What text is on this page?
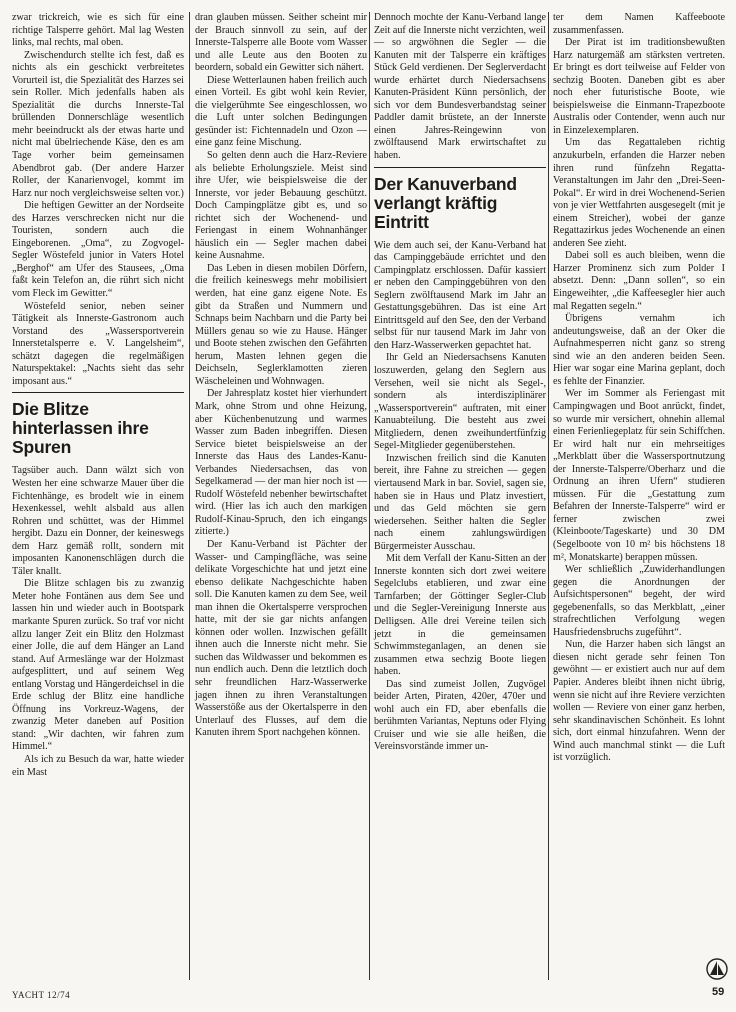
zwar trickreich, wie es sich für eine richtige Talsperre gehört. Mal lag Westen links, mal rechts, mal oben.

Zwischendurch stellte ich fest, daß es nichts als ein geschickt verbreitetes Vorurteil ist, die Spezialität des Harzes sei sein Roller. Mich jedenfalls haben als Spezialität die durchs Innerste-Tal brüllenden Donnerschläge wesentlich mehr beeindruckt als der etwas harte und nicht mal übelriechende Käse, den es am Tage vorher beim gemeinsamen Abendbrot gab. (Der andere Harzer Roller, der Kanarienvogel, kommt im Harz nur noch vergleichsweise selten vor.)

Die heftigen Gewitter an der Nordseite des Harzes verschrecken nicht nur die Touristen, sondern auch die Eingeborenen. „Oma“, zu Zogvogel-Segler Wöstefeld junior in Vaters Hotel „Berghof“ am Ufer des Stausees, „Oma faßt kein Telefon an, die rührt sich nicht vom Fleck im Gewitter.“

Wöstefeld senior, neben seiner Tätigkeit als Innerste-Gastronom auch Vorstand des „Wassersportverein Innerstetalsperre e. V. Langelsheim“, schätzt dagegen die regelmäßigen Naturspektakel: „Nachts sieht das sehr imposant aus.“

Die Blitze hinterlassen ihre Spuren

Tagsüber auch. Dann wälzt sich von Westen her eine schwarze Mauer über die Fichtenhänge, es brodelt wie in einem Hexenkessel, wehlt alsbald aus allen Rohren und schüttet, was der Himmel hergibt. Dazu ein Donner, der keineswegs dem Harz gemäß rollt, sondern mit imposanten Kanonenschlägen durch die Täler knallt.

Die Blitze schlagen bis zu zwanzig Meter hohe Fontänen aus dem See und lassen hin und wieder auch in Bootspark markante Spuren zurück. So traf vor nicht allzu langer Zeit ein Blitz den Holzmast einer Jolle, die auf dem Hänger an Land stand. Auf Armeslänge war der Holzmast aufgesplittert, und auf seinem Weg entlang Vorstag und Hängerdeichsel in die Erde schlug der Blitz eine handliche Öffnung ins Vorkreuz-Wagens, der zwanzig Meter daneben auf Position stand: „Wir dachten, wir fahren zum Himmel.“

Als ich zu Besuch da war, hatte wieder ein Mast

dran glauben müssen. Seither scheint mir der Brauch sinnvoll zu sein, auf der Innerste-Talsperre alle Boote vom Wasser und alle Leute aus den Booten zu beordern, sobald ein Gewitter sich nähert.

Diese Wetterlaunen haben freilich auch einen Vorteil. Es gibt wohl kein Revier, die vielgerühmte See eingeschlossen, wo die Luft unter solchen Bedingungen gesünder ist: Fichtennadeln und Ozon — eine ganz feine Mischung.

So gelten denn auch die Harz-Reviere als beliebte Erholungsziele. Meist sind ihre Ufer, wie beispielsweise die der Innerste, vor jeder Bebauung geschützt. Doch Campingplätze gibt es, und so richtet sich der Wochenend- und Feriengast in einem Wohnanhänger häuslich ein — Segler machen dabei keine Ausnahme.

Das Leben in diesen mobilen Dörfern, die freilich keineswegs mehr mobilisiert werden, hat eine ganz eigene Note. Es gibt da Straßen und Nummern und Schnaps beim Nachbarn und die Party bei Müllers genau so wie zu Hause. Hänger und Boote stehen zwischen den Gefährten herum, Masten lehnen gegen die Deichseln, Seglerklamotten zieren Wäscheleinen und Wohnwagen.

Der Jahresplatz kostet hier vierhundert Mark, ohne Strom und ohne Heizung, aber Küchenbenutzung und warmes Wasser zum Baden inbegriffen. Diesen Service bietet beispielsweise an der Innerste das Haus des Landes-Kanu-Verbandes Niedersachsen, das von Segelkamerad — der man hier noch ist — Rudolf Wöstefeld nebenher bewirtschaftet wird. (Hier las ich auch den markigen Rudolf-Kinau-Spruch, den ich eingangs zitierte.)

Der Kanu-Verband ist Pächter der Wasser- und Campingfläche, was seine delikate Vorgeschichte hat und jetzt eine ebenso delikate Nachgeschichte haben soll. Die Kanuten kamen zu dem See, weil man ihnen die Okertalsperre versprochen hatte, mit der sie gar nichts anfangen können oder wollen. Inzwischen gefällt ihnen auch die Innerste nicht mehr. Sie suchen das Wildwasser und bekommen es nun endlich auch. Denn die letztlich doch sehr freundlichen Harz-Wasserwerke jagen ihnen zu ihren Veranstaltungen Wasserstöße aus der Okertalsperre in den Unterlauf des Flusses, auf dem die Kanuten ihrem Sport nachgehen können.

Dennoch mochte der Kanu-Verband lange Zeit auf die Innerste nicht verzichten, weil — so argwöhnen die Segler — die Kanuten mit der Talsperre ein kräftiges Stück Geld verdienen. Der Seglerverdacht wurde erhärtet durch Niedersachsens Kanuten-Präsident Künn persönlich, der sich vor dem Bundesverbandstag seiner Paddler damit brüstete, an der Innerste einen Jahres-Reingewinn von zwölftausend Mark erwirtschaftet zu haben.

Der Kanuverband verlangt kräftig Eintritt

Wie dem auch sei, der Kanu-Verband hat das Campinggebäude errichtet und den Campingplatz erschlossen. Dafür kassiert er neben den Campinggebühren von den Seglern zwölftausend Mark im Jahr an Gestattungsgebühren. Das ist eine Art Eintrittsgeld auf den See, den der Verband selbst für nur tausend Mark im Jahr von den Harz-Wasserwerken gepachtet hat.

Ihr Geld an Niedersachsens Kanuten loszuwerden, gelang den Seglern aus Versehen, weil sie nicht als Segel-, sondern als interdisziplinärer „Wassersportverein“ auftraten, mit einer Kanuabteilung. Die besteht aus zwei Mitgliedern, denen zweihundertfünfzig Segel-Mitglieder gegenüberstehen.

Inzwischen freilich sind die Kanuten bereit, ihre Fahne zu streichen — gegen viertausend Mark in bar. Soviel, sagen sie, haben sie in Haus und Platz investiert, und das Geld möchten sie gern wiedersehen. Seither halten die Segler nach einem zahlungswürdigen Bürgermeister Ausschau.

Mit dem Verfall der Kanu-Sitten an der Innerste konnten sich dort zwei weitere Segelclubs etablieren, und zwar eine Tarnfarben; der Göttinger Segler-Club und die Segler-Vereinigung Innerste aus Delligsen. Alle drei Vereine teilen sich jetzt in die gemeinsamen Schwimmsteganlagen, an denen sie zusammen etwa sechzig Boote liegen haben.

Das sind zumeist Jollen, Zugvögel beider Arten, Piraten, 420er, 470er und wohl auch ein FD, aber ebenfalls die berühmten Variantas, Neptuns oder Flying Cruiser und wie sie alle heißen, die Vereinsvorstände immer un-

ter dem Namen Kaffeeboote zusammenfassen.

Der Pirat ist im traditionsbewußten Harz naturgemäß am stärksten vertreten. Er bringt es dort teilweise auf Felder von sechzig Booten. Daneben gibt es aber noch eher futuristische Boote, wie beispielsweise die Einmann-Trapezboote Australis oder Contender, wenn auch nur in Einzelexemplaren.

Um das Regattaleben richtig anzukurbeln, erfanden die Harzer neben ihren rund fünfzehn Regatta-Veranstaltungen im Jahr den „Drei-Seen-Pokal“. Er wird in drei Wochenend-Serien von je vier Wettfahrten ausgesegelt (mit je einem Streicher), wobei der ganze Regattazirkus jedes Wochenende an einen anderen See zieht.

Dabei soll es auch bleiben, wenn die Harzer Prominenz sich zum Polder I absetzt. Denn: „Dann sollen“, so ein Eingeweihter, „die Kaffeesegler hier auch mal Regatten segeln.“

Übrigens vernahm ich andeutungsweise, daß an der Oker die Aufnahmesperren nicht ganz so streng sind wie an den anderen beiden Seen. Hier war sogar eine Marina geplant, doch es fehlte der Finanzier.

Wer im Sommer als Feriengast mit Campingwagen und Boot anrückt, findet, so wurde mir versichert, ohnehin allemal einen Ferienliegeplatz für sein Schiffchen. Er wird halt nur ein mehrseitiges „Merkblatt über die Wassersportnutzung der Innerste-Talsperre/Oberharz und die Ordnung an ihren Ufern“ studieren müssen. Für die „Gestattung zum Befahren der Innerste-Talsperre“ wird er ferner zwischen zwei (Kleinboote/Tageskarte) und 30 DM (Segelboote von 10 m² bis höchstens 18 m², Monatskarte) berappen müssen.

Wer schließlich „Zuwiderhandlungen gegen die Anordnungen der Aufsichtspersonen“ begeht, der wird gegebenenfalls, so das Merkblatt, „einer strafrechtlichen Verfolgung wegen Hausfriedensbruchs zugeführt“.

Nun, die Harzer haben sich längst an diesen nicht gerade sehr feinen Ton gewöhnt — er existiert auch nur auf dem Papier. Anderes bleibt ihnen nicht übrig, wenn sie nicht auf ihre Reviere verzichten wollen — Reviere von einer ganz herben, sehr skandinavischen Schönheit. Es lohnt sich, dort einmal hinzufahren. Wenn der Wind auch manchmal stinkt — die Luft ist vorzüglich.

YACHT 12/74	59
